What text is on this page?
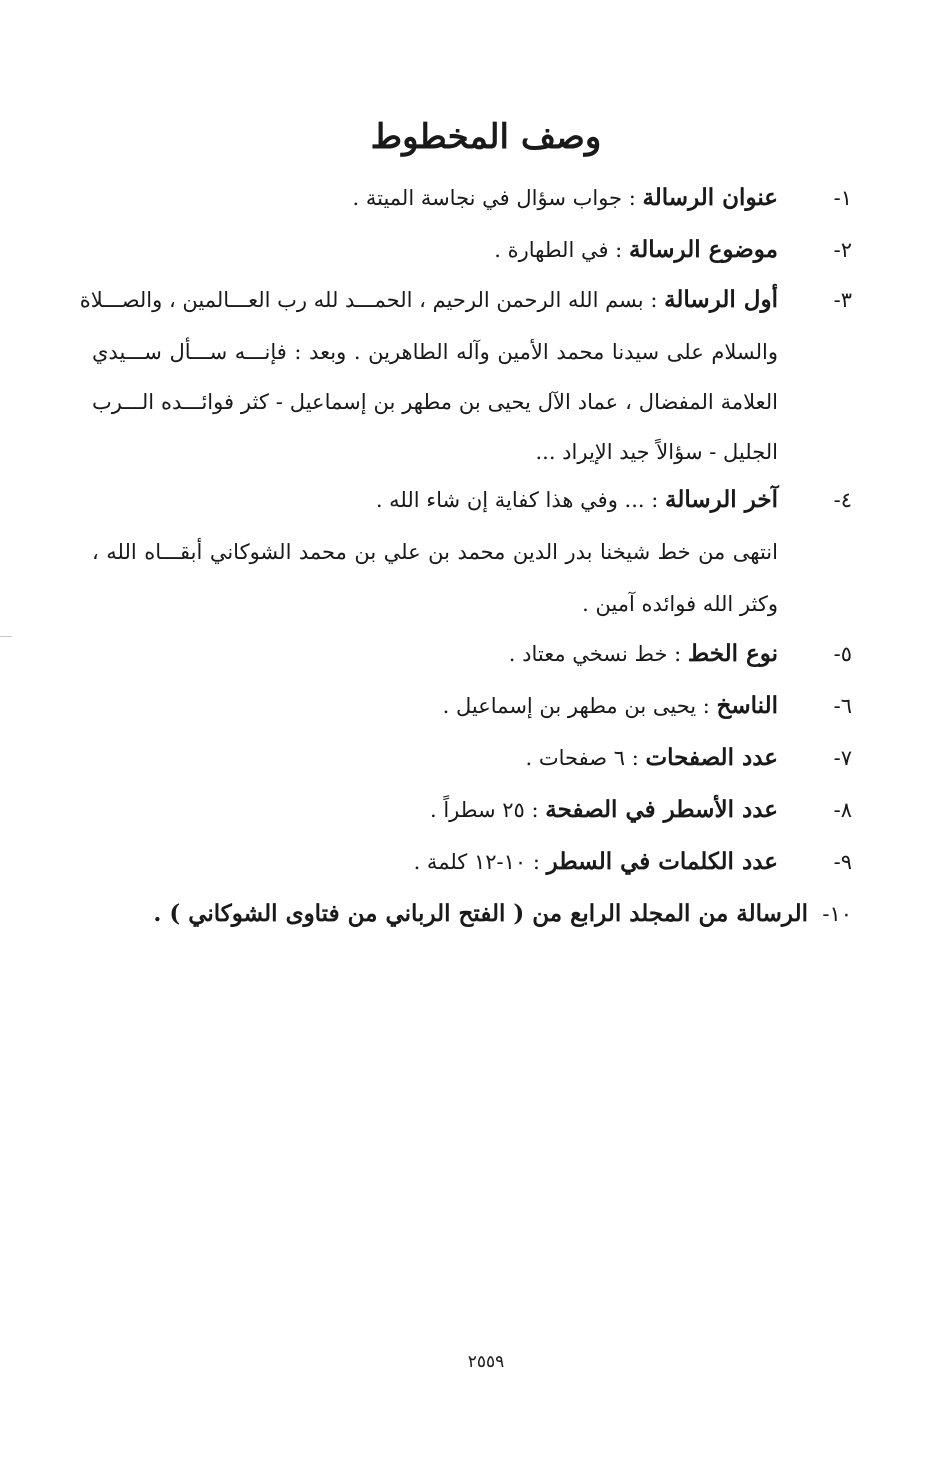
وصف المخطوط
١-
عنوان الرسالة : جواب سؤال في نجاسة الميتة .
٢-
موضوع الرسالة : في الطهارة .
٣-
أول الرسالة : بسم الله الرحمن الرحيم ، الحمـــد لله رب العـــالمين ، والصـــلاة
والسلام على سيدنا محمد الأمين وآله الطاهرين . وبعد : فإنـــه ســـأل ســـيدي
العلامة المفضال ، عماد الآل يحيى بن مطهر بن إسماعيل - كثر فوائـــده الـــرب
الجليل - سؤالاً جيد الإيراد ...
٤-
آخر الرسالة : ... وفي هذا كفاية إن شاء الله .
انتهى من خط شيخنا بدر الدين محمد بن علي بن محمد الشوكاني أبقـــاه الله ،
وكثر الله فوائده آمين .
٥-
نوع الخط : خط نسخي معتاد .
٦-
الناسخ : يحيى بن مطهر بن إسماعيل .
٧-
عدد الصفحات : ٦ صفحات .
٨-
عدد الأسطر في الصفحة : ٢٥ سطراً .
٩-
عدد الكلمات في السطر : ١٠-١٢ كلمة .
١٠-
الرسالة من المجلد الرابع من ( الفتح الرباني من فتاوى الشوكاني ) .
٢٥٥٩
